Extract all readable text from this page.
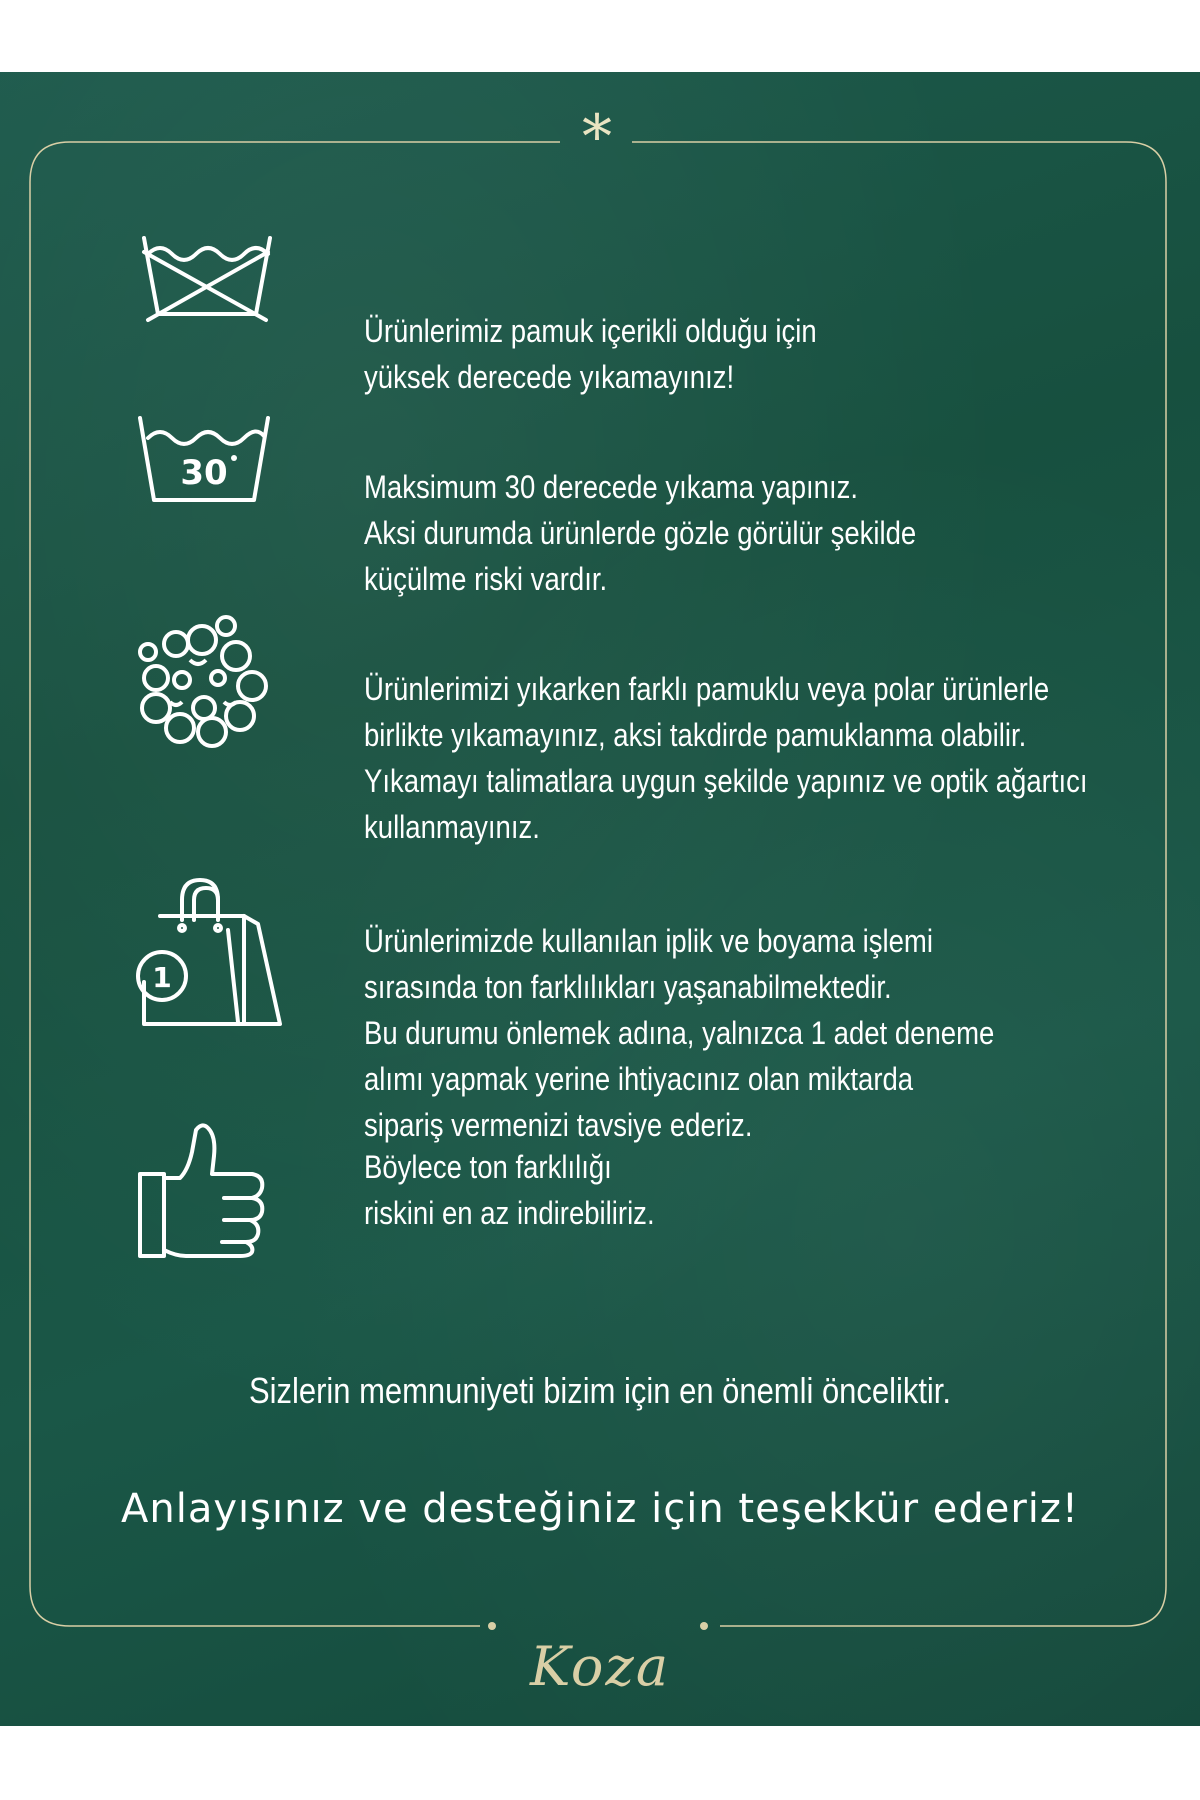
*
Ürünlerimiz pamuk içerikli olduğu için
yüksek derecede yıkamayınız!
30	Maksimum 30 derecede yıkama yapınız.
Aksi durumda ürünlerde gözle görülür şekilde
küçülme riski vardır.
Ürünlerimizi yıkarken farklı pamuklu veya polar ürünlerle
birlikte yıkamayınız, aksi takdirde pamuklanma olabilir.
Yıkamayı talimatlara uygun şekilde yapınız ve optik ağartıcı
kullanmayınız.
1
Ürünlerimizde kullanılan iplik ve boyama işlemi
sırasında ton farklılıkları yaşanabilmektedir.
Bu durumu önlemek adına, yalnızca 1 adet deneme
alımı yapmak yerine ihtiyacınız olan miktarda
sipariş vermenizi tavsiye ederiz.
Böylece ton farklılığı
riskini en az indirebiliriz.
Sizlerin memnuniyeti bizim için en önemli önceliktir.
Anlayışınız ve desteğiniz için teşekkür ederiz!
Koza
